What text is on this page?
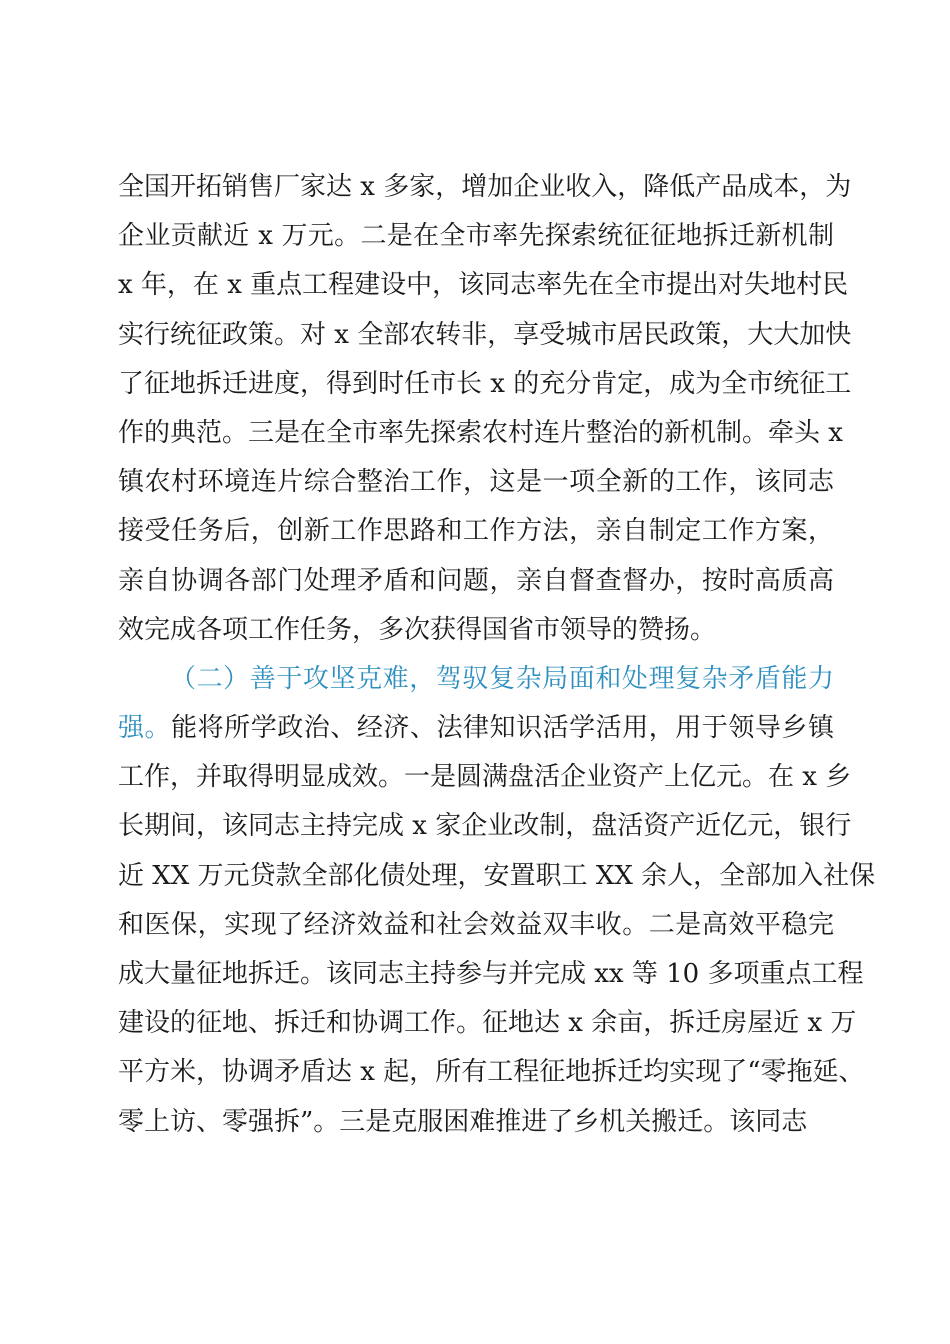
全国开拓销售厂家达 x 多家，增加企业收入，降低产品成本，为
企业贡献近 x 万元。二是在全市率先探索统征征地拆迁新机制
x 年，在 x 重点工程建设中，该同志率先在全市提出对失地村民
实行统征政策。对 x 全部农转非，享受城市居民政策，大大加快
了征地拆迁进度，得到时任市长 x 的充分肯定，成为全市统征工
作的典范。三是在全市率先探索农村连片整治的新机制。牵头 x
镇农村环境连片综合整治工作，这是一项全新的工作，该同志
接受任务后，创新工作思路和工作方法，亲自制定工作方案，
亲自协调各部门处理矛盾和问题，亲自督查督办，按时高质高
效完成各项工作任务，多次获得国省市领导的赞扬。
（二）善于攻坚克难，驾驭复杂局面和处理复杂矛盾能力
强。能将所学政治、经济、法律知识活学活用，用于领导乡镇
工作，并取得明显成效。一是圆满盘活企业资产上亿元。在 x 乡
长期间，该同志主持完成 x 家企业改制，盘活资产近亿元，银行
近 XX 万元贷款全部化债处理，安置职工 XX 余人，全部加入社保
和医保，实现了经济效益和社会效益双丰收。二是高效平稳完
成大量征地拆迁。该同志主持参与并完成 xx 等 10 多项重点工程
建设的征地、拆迁和协调工作。征地达 x 余亩，拆迁房屋近 x 万
平方米，协调矛盾达 x 起，所有工程征地拆迁均实现了“零拖延、
零上访、零强拆”。三是克服困难推进了乡机关搬迁。该同志
